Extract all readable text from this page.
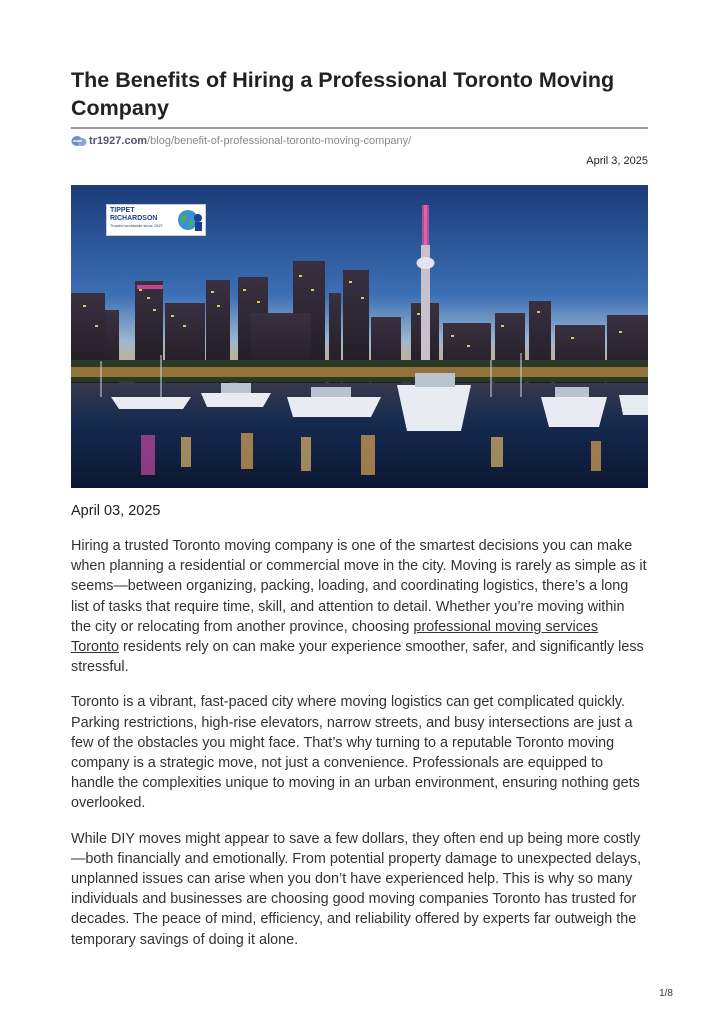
The Benefits of Hiring a Professional Toronto Moving Company
tr1927.com /blog/benefit-of-professional-toronto-moving-company/
April 3, 2025
TIPPET
RICHARDSON
Trusted worldwide since 1927
April 03, 2025

Hiring a trusted Toronto moving company is one of the smartest decisions you can make when planning a residential or commercial move in the city. Moving is rarely as simple as it seems—between organizing, packing, loading, and coordinating logistics, there’s a long list of tasks that require time, skill, and attention to detail. Whether you’re moving within the city or relocating from another province, choosing professional moving services Toronto residents rely on can make your experience smoother, safer, and significantly less stressful.

Toronto is a vibrant, fast-paced city where moving logistics can get complicated quickly. Parking restrictions, high-rise elevators, narrow streets, and busy intersections are just a few of the obstacles you might face. That’s why turning to a reputable Toronto moving company is a strategic move, not just a convenience. Professionals are equipped to handle the complexities unique to moving in an urban environment, ensuring nothing gets overlooked.

While DIY moves might appear to save a few dollars, they often end up being more costly—both financially and emotionally. From potential property damage to unexpected delays, unplanned issues can arise when you don’t have experienced help. This is why so many individuals and businesses are choosing good moving companies Toronto has trusted for decades. The peace of mind, efficiency, and reliability offered by experts far outweigh the temporary savings of doing it alone.

1/8
